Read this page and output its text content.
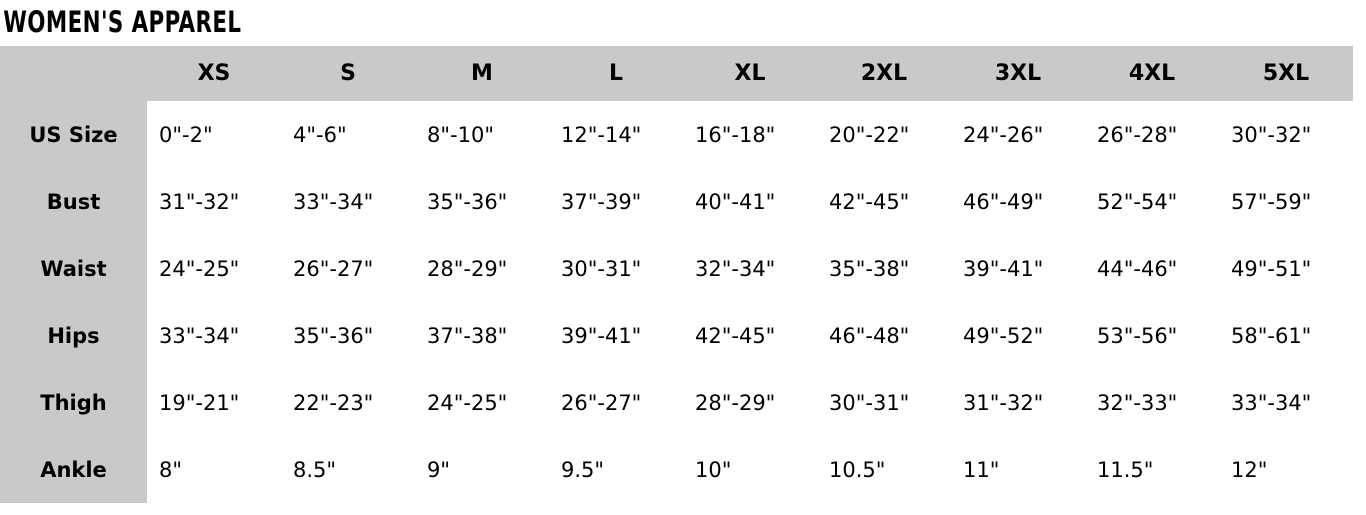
WOMEN'S APPAREL
	XS	S	M	L	XL	2XL	3XL	4XL	5XL
US Size	0"-2"	4"-6"	8"-10"	12"-14"	16"-18"	20"-22"	24"-26"	26"-28"	30"-32"
Bust	31"-32"	33"-34"	35"-36"	37"-39"	40"-41"	42"-45"	46"-49"	52"-54"	57"-59"
Waist	24"-25"	26"-27"	28"-29"	30"-31"	32"-34"	35"-38"	39"-41"	44"-46"	49"-51"
Hips	33"-34"	35"-36"	37"-38"	39"-41"	42"-45"	46"-48"	49"-52"	53"-56"	58"-61"
Thigh	19"-21"	22"-23"	24"-25"	26"-27"	28"-29"	30"-31"	31"-32"	32"-33"	33"-34"
Ankle	8"	8.5"	9"	9.5"	10"	10.5"	11"	11.5"	12"
